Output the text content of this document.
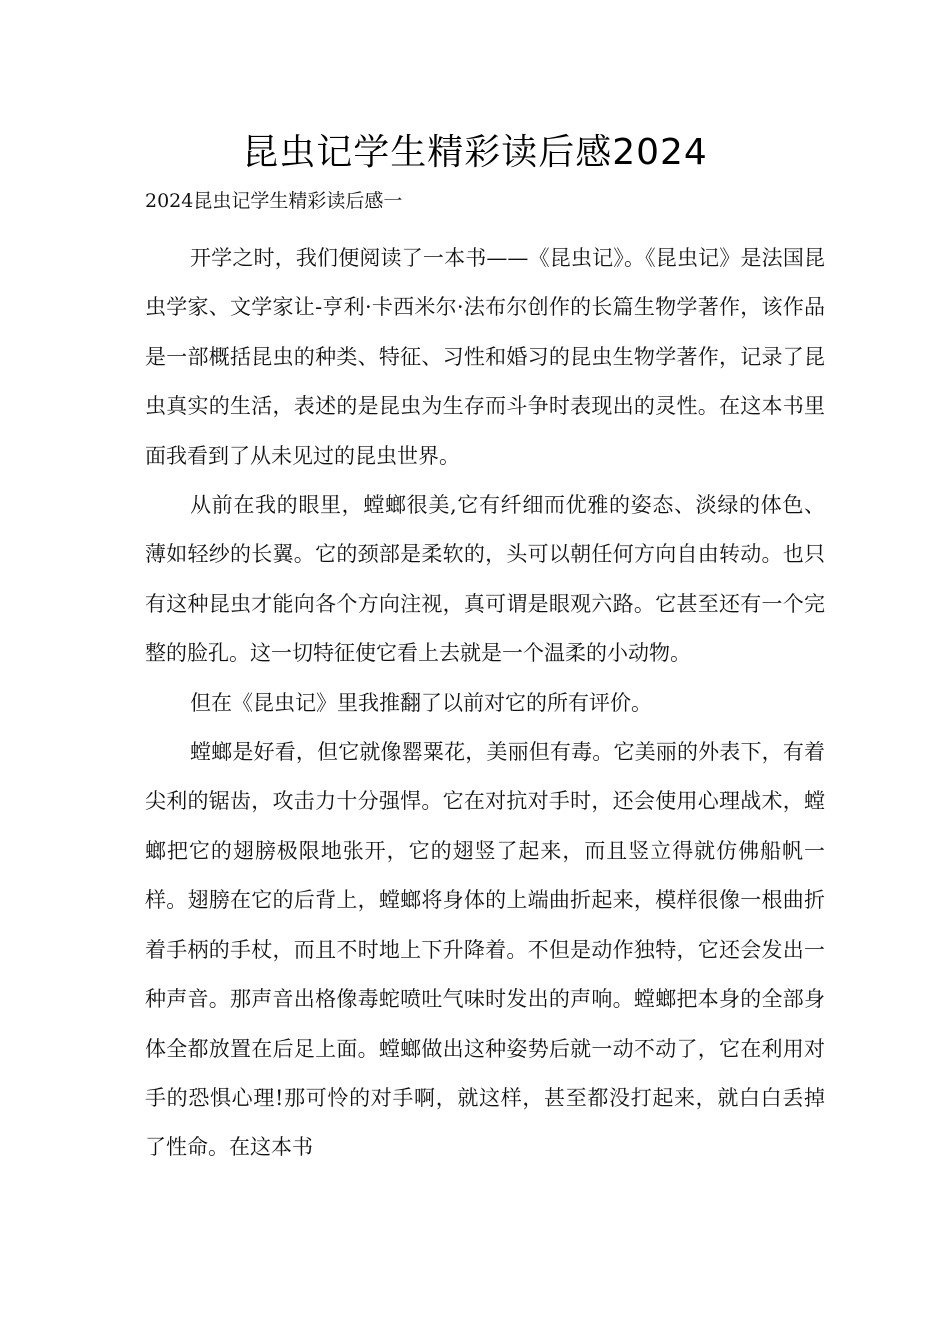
昆虫记学生精彩读后感2024
2024昆虫记学生精彩读后感一

开学之时，我们便阅读了一本书——《昆虫记》。《昆虫记》是法国昆虫学家、文学家让-亨利·卡西米尔·法布尔创作的长篇生物学著作，该作品是一部概括昆虫的种类、特征、习性和婚习的昆虫生物学著作，记录了昆虫真实的生活，表述的是昆虫为生存而斗争时表现出的灵性。在这本书里面我看到了从未见过的昆虫世界。

从前在我的眼里，螳螂很美,它有纤细而优雅的姿态、淡绿的体色、薄如轻纱的长翼。它的颈部是柔软的，头可以朝任何方向自由转动。也只有这种昆虫才能向各个方向注视，真可谓是眼观六路。它甚至还有一个完整的脸孔。这一切特征使它看上去就是一个温柔的小动物。

但在《昆虫记》里我推翻了以前对它的所有评价。

螳螂是好看，但它就像罂粟花，美丽但有毒。它美丽的外表下，有着尖利的锯齿，攻击力十分强悍。它在对抗对手时，还会使用心理战术，螳螂把它的翅膀极限地张开，它的翅竖了起来，而且竖立得就仿佛船帆一样。翅膀在它的后背上，螳螂将身体的上端曲折起来，模样很像一根曲折着手柄的手杖，而且不时地上下升降着。不但是动作独特，它还会发出一种声音。那声音出格像毒蛇喷吐气味时发出的声响。螳螂把本身的全部身体全都放置在后足上面。螳螂做出这种姿势后就一动不动了，它在利用对手的恐惧心理!那可怜的对手啊，就这样，甚至都没打起来，就白白丢掉了性命。在这本书
